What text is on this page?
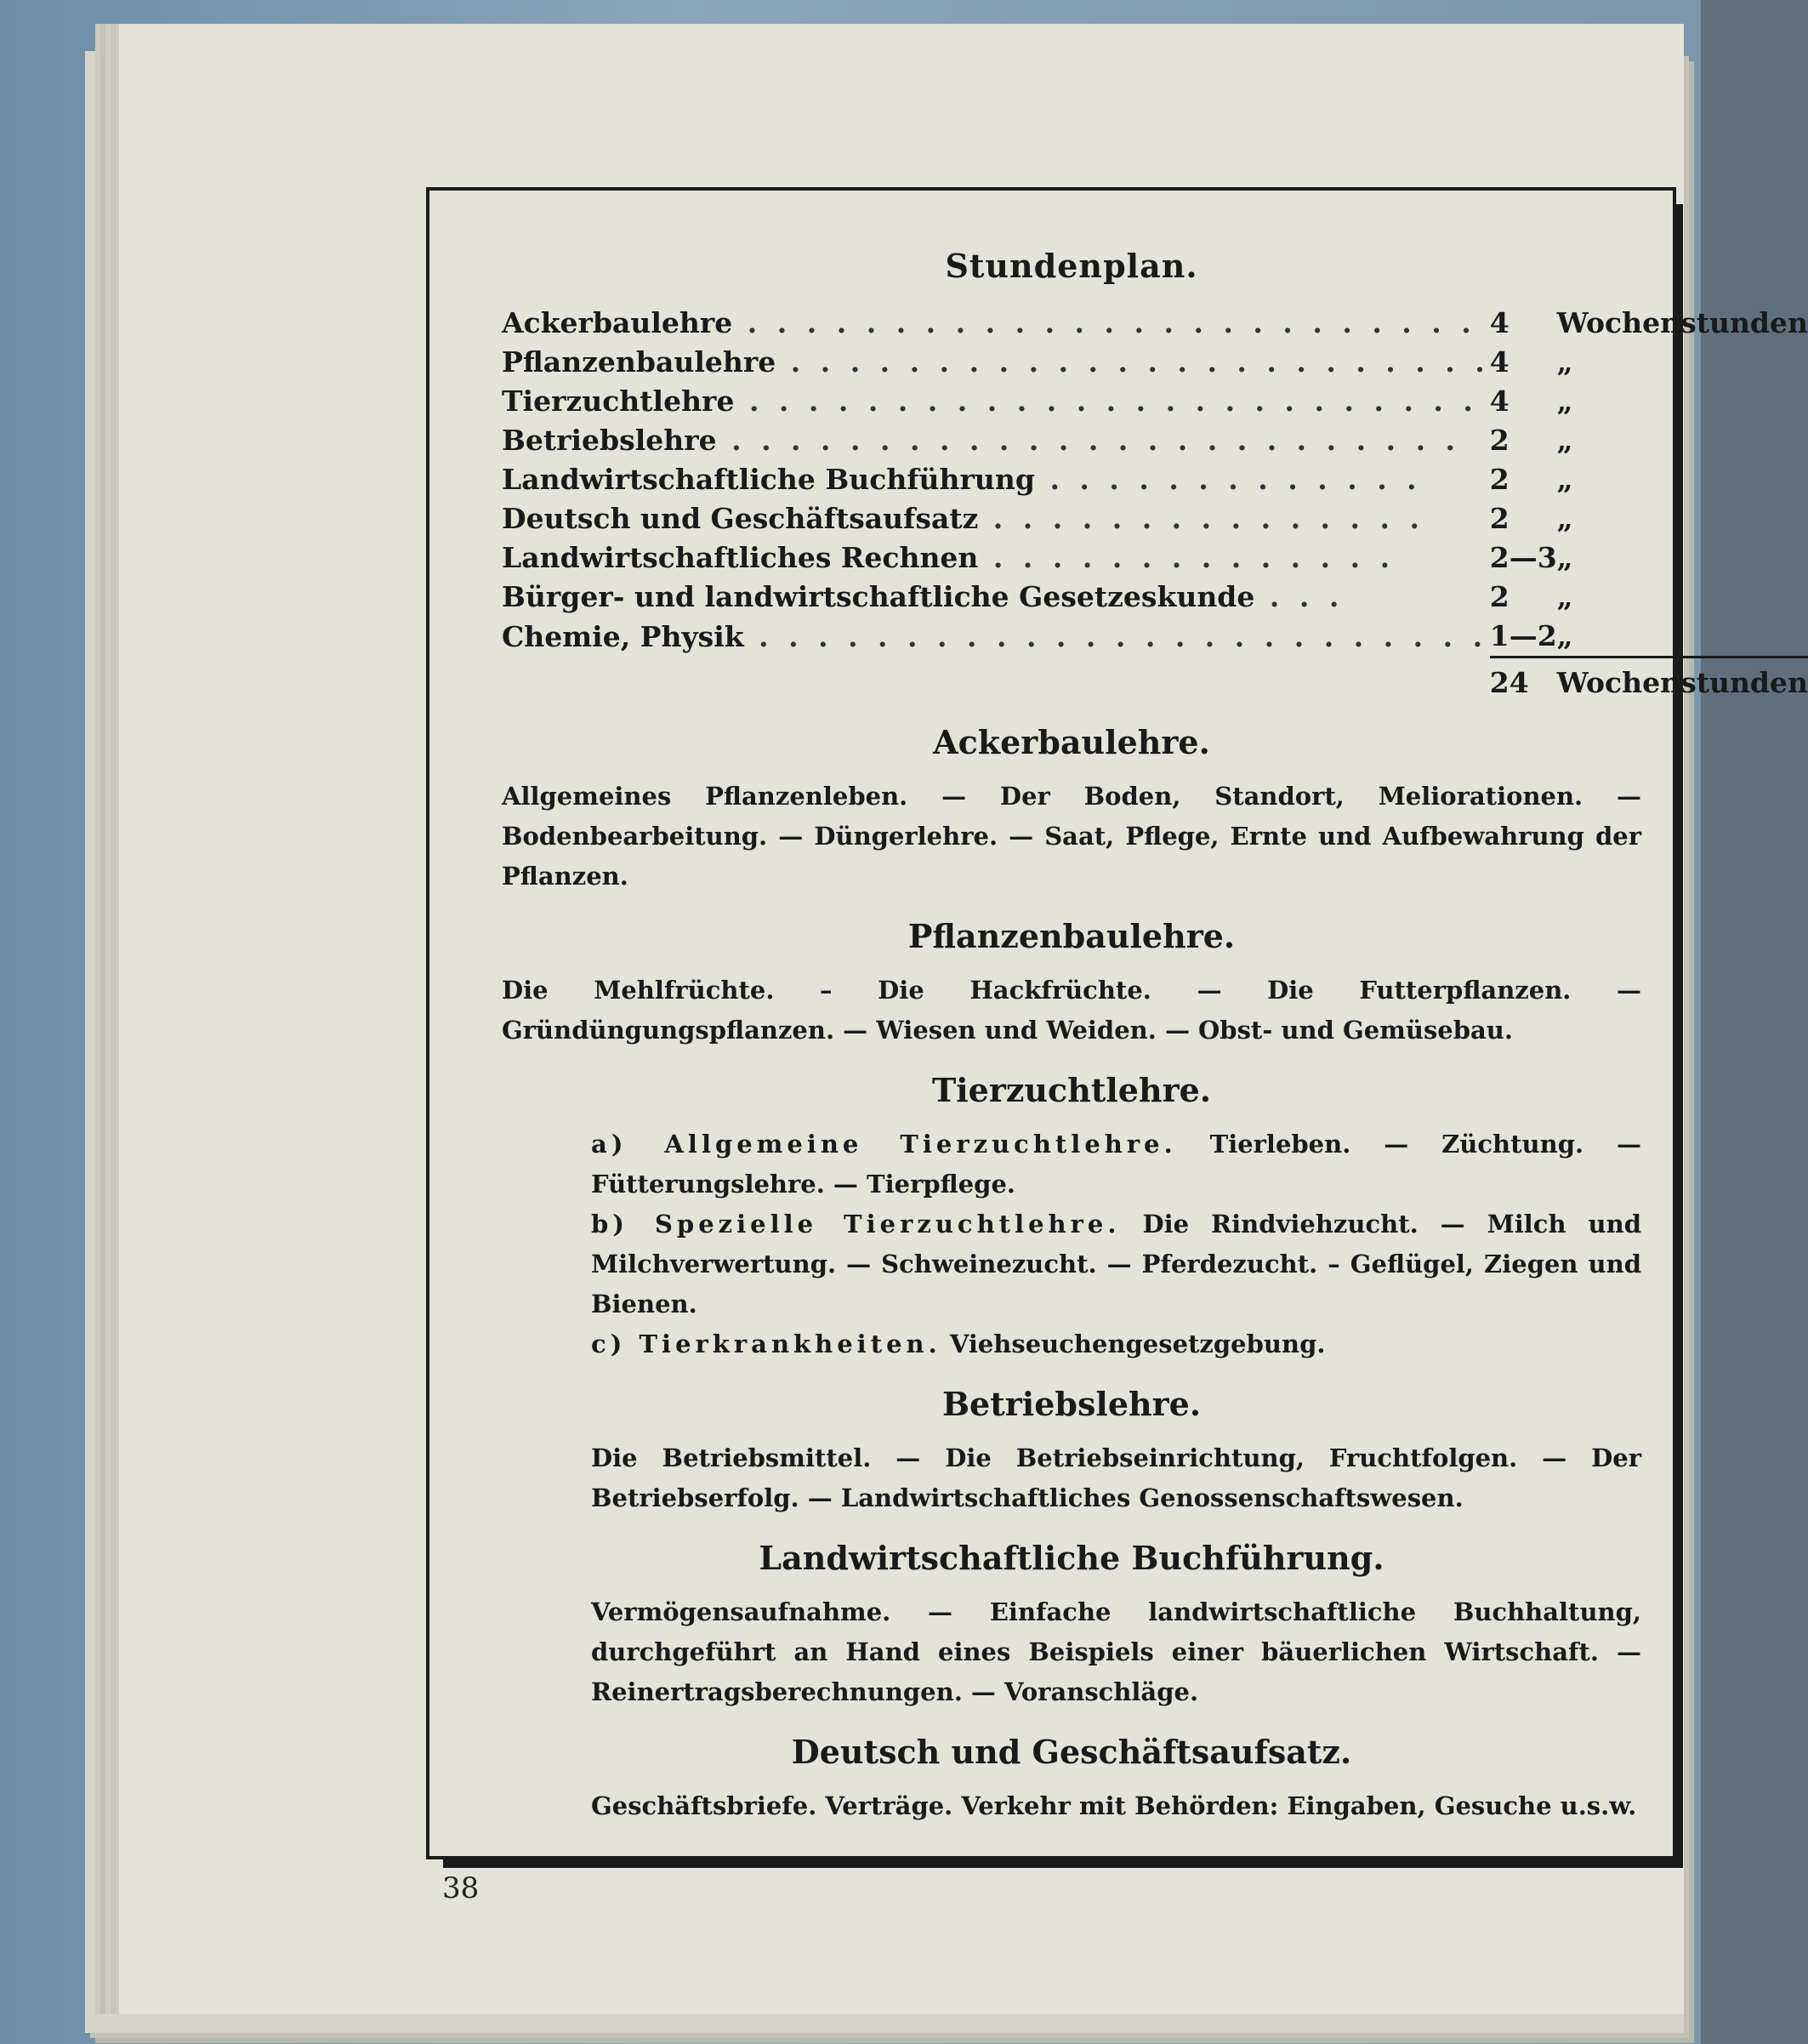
Stundenplan.
Ackerbaulehre . . . . . . . . . . . . . . . . . . . . . . . . .	4	Wochenstunden
Pflanzenbaulehre . . . . . . . . . . . . . . . . . . . . . . . .	4	„
Tierzuchtlehre . . . . . . . . . . . . . . . . . . . . . . . . .	4	„
Betriebslehre . . . . . . . . . . . . . . . . . . . . . . . . .	2	„
Landwirtschaftliche Buchführung . . . . . . . . . . . . .	2	„
Deutsch und Geschäftsaufsatz . . . . . . . . . . . . . . .	2	„
Landwirtschaftliches Rechnen . . . . . . . . . . . . . .	2—3	„
Bürger- und landwirtschaftliche Gesetzeskunde . . .	2	„
Chemie, Physik . . . . . . . . . . . . . . . . . . . . . . . . .	1—2	„
	24	Wochenstunden
Ackerbaulehre.

Allgemeines Pflanzenleben. — Der Boden, Standort, Meliorationen. — Bodenbearbeitung. — Düngerlehre. — Saat, Pflege, Ernte und Aufbewahrung der Pflanzen.

Pflanzenbaulehre.

Die Mehlfrüchte. – Die Hackfrüchte. — Die Futterpflanzen. — Gründüngungspflanzen. — Wiesen und Weiden. — Obst- und Gemüsebau.

Tierzuchtlehre.

a) Allgemeine Tierzuchtlehre. Tierleben. — Züchtung. — Fütterungslehre. — Tierpflege.

b) Spezielle Tierzuchtlehre. Die Rindviehzucht. — Milch und Milchverwertung. — Schweinezucht. — Pferdezucht. – Geflügel, Ziegen und Bienen.

c) Tierkrankheiten. Viehseuchengesetzgebung.

Betriebslehre.

Die Betriebsmittel. — Die Betriebseinrichtung, Fruchtfolgen. — Der Betriebserfolg. — Landwirtschaftliches Genossenschaftswesen.

Landwirtschaftliche Buchführung.

Vermögensaufnahme. — Einfache landwirtschaftliche Buchhaltung, durchgeführt an Hand eines Beispiels einer bäuerlichen Wirtschaft. — Reinertragsberechnungen. — Voranschläge.

Deutsch und Geschäftsaufsatz.

Geschäftsbriefe. Verträge. Verkehr mit Behörden: Eingaben, Gesuche u.s.w.

38
